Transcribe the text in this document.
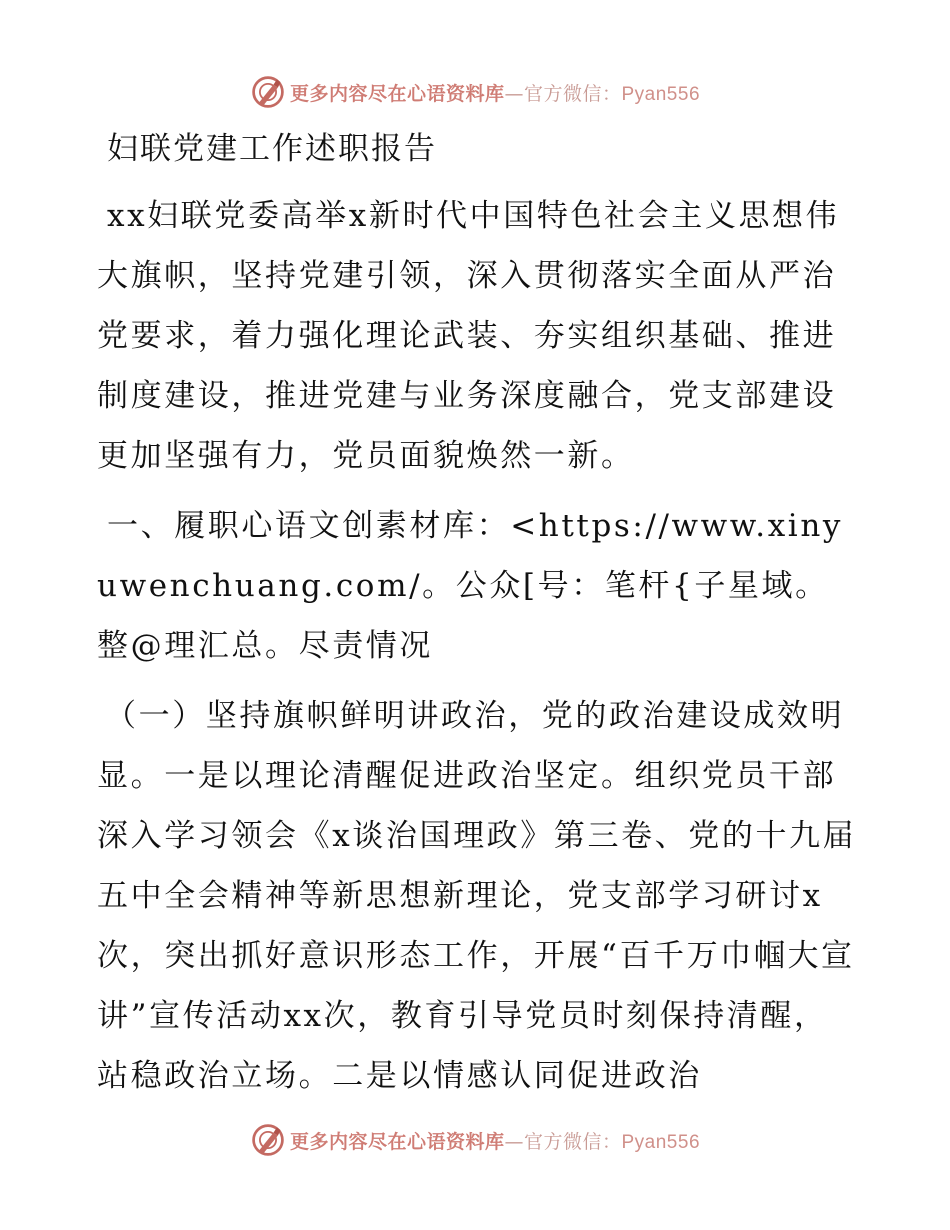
更多内容尽在心语资料库—官方微信：Pyan556
妇联党建工作述职报告

xx妇联党委高举x新时代中国特色社会主义思想伟大旗帜，坚持党建引领，深入贯彻落实全面从严治党要求，着力强化理论武装、夯实组织基础、推进制度建设，推进党建与业务深度融合，党支部建设更加坚强有力，党员面貌焕然一新。

一、履职心语文创素材库：<https://www.xinyuwenchuang.com/。公众[号：笔杆{子星域。整@理汇总。尽责情况

（一）坚持旗帜鲜明讲政治，党的政治建设成效明显。一是以理论清醒促进政治坚定。组织党员干部深入学习领会《x谈治国理政》第三卷、党的十九届五中全会精神等新思想新理论，党支部学习研讨x次，突出抓好意识形态工作，开展“百千万巾帼大宣讲”宣传活动xx次，教育引导党员时刻保持清醒，站稳政治立场。二是以情感认同促进政治

更多内容尽在心语资料库—官方微信：Pyan556
